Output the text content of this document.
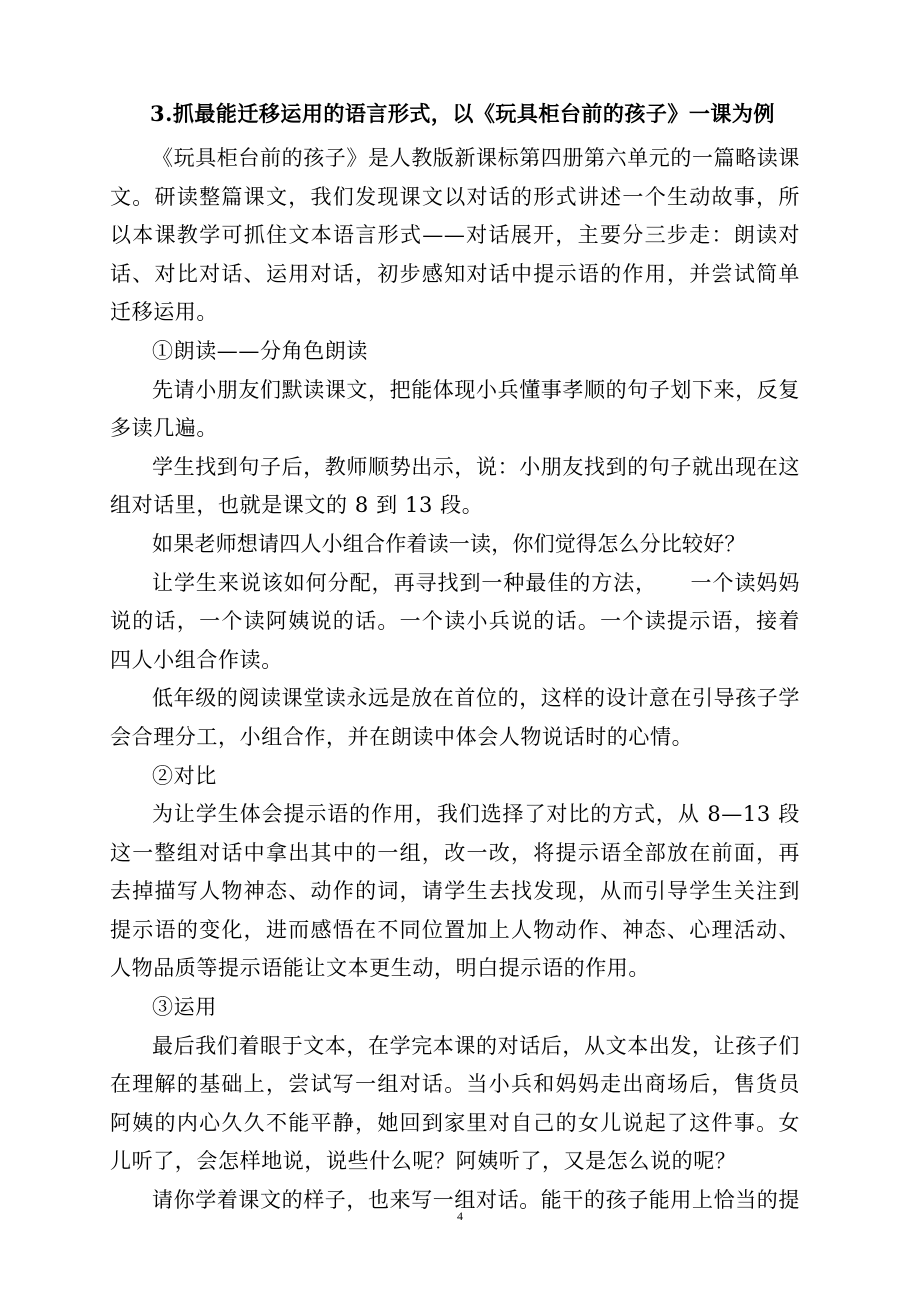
3.抓最能迁移运用的语言形式，以《玩具柜台前的孩子》一课为例

《玩具柜台前的孩子》是人教版新课标第四册第六单元的一篇略读课文。研读整篇课文，我们发现课文以对话的形式讲述一个生动故事，所以本课教学可抓住文本语言形式——对话展开，主要分三步走：朗读对话、对比对话、运用对话，初步感知对话中提示语的作用，并尝试简单迁移运用。

①朗读——分角色朗读

先请小朋友们默读课文，把能体现小兵懂事孝顺的句子划下来，反复多读几遍。

学生找到句子后，教师顺势出示，说：小朋友找到的句子就出现在这组对话里，也就是课文的 8 到 13 段。

如果老师想请四人小组合作着读一读，你们觉得怎么分比较好？

让学生来说该如何分配，再寻找到一种最佳的方法，　　一个读妈妈说的话，一个读阿姨说的话。一个读小兵说的话。一个读提示语，接着四人小组合作读。

低年级的阅读课堂读永远是放在首位的，这样的设计意在引导孩子学会合理分工，小组合作，并在朗读中体会人物说话时的心情。

②对比

为让学生体会提示语的作用，我们选择了对比的方式，从 8—13 段这一整组对话中拿出其中的一组，改一改，将提示语全部放在前面，再去掉描写人物神态、动作的词，请学生去找发现，从而引导学生关注到提示语的变化，进而感悟在不同位置加上人物动作、神态、心理活动、人物品质等提示语能让文本更生动，明白提示语的作用。

③运用

最后我们着眼于文本，在学完本课的对话后，从文本出发，让孩子们在理解的基础上，尝试写一组对话。当小兵和妈妈走出商场后，售货员阿姨的内心久久不能平静，她回到家里对自己的女儿说起了这件事。女儿听了，会怎样地说，说些什么呢？阿姨听了，又是怎么说的呢？

请你学着课文的样子，也来写一组对话。能干的孩子能用上恰当的提

4
